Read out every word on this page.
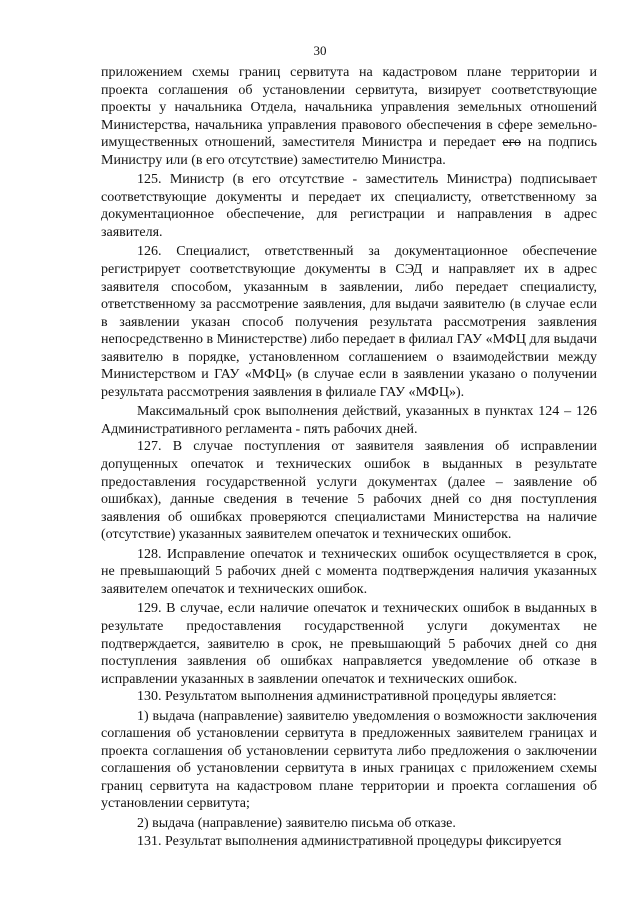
30

приложением схемы границ сервитута на кадастровом плане территории и проекта соглашения об установлении сервитута, визирует соответствующие проекты у начальника Отдела, начальника управления земельных отношений Министерства, начальника управления правового обеспечения в сфере земельно-имущественных отношений, заместителя Министра и передает его на подпись Министру или (в его отсутствие) заместителю Министра.

125. Министр (в его отсутствие - заместитель Министра) подписывает соответствующие документы и передает их специалисту, ответственному за документационное обеспечение, для регистрации и направления в адрес заявителя.

126. Специалист, ответственный за документационное обеспечение регистрирует соответствующие документы в СЭД и направляет их в адрес заявителя способом, указанным в заявлении, либо передает специалисту, ответственному за рассмотрение заявления, для выдачи заявителю (в случае если в заявлении указан способ получения результата рассмотрения заявления непосредственно в Министерстве) либо передает в филиал ГАУ «МФЦ для выдачи заявителю в порядке, установленном соглашением о взаимодействии между Министерством и ГАУ «МФЦ» (в случае если в заявлении указано о получении результата рассмотрения заявления в филиале ГАУ «МФЦ»).

Максимальный срок выполнения действий, указанных в пунктах 124 – 126 Административного регламента - пять рабочих дней.

127. В случае поступления от заявителя заявления об исправлении допущенных опечаток и технических ошибок в выданных в результате предоставления государственной услуги документах (далее – заявление об ошибках), данные сведения в течение 5 рабочих дней со дня поступления заявления об ошибках проверяются специалистами Министерства на наличие (отсутствие) указанных заявителем опечаток и технических ошибок.

128. Исправление опечаток и технических ошибок осуществляется в срок, не превышающий 5 рабочих дней с момента подтверждения наличия указанных заявителем опечаток и технических ошибок.

129. В случае, если наличие опечаток и технических ошибок в выданных в результате предоставления государственной услуги документах не подтверждается, заявителю в срок, не превышающий 5 рабочих дней со дня поступления заявления об ошибках направляется уведомление об отказе в исправлении указанных в заявлении опечаток и технических ошибок.

130. Результатом выполнения административной процедуры является:

1) выдача (направление) заявителю уведомления о возможности заключения соглашения об установлении сервитута в предложенных заявителем границах и проекта соглашения об установлении сервитута либо предложения о заключении соглашения об установлении сервитута в иных границах с приложением схемы границ сервитута на кадастровом плане территории и проекта соглашения об установлении сервитута;

2) выдача (направление) заявителю письма об отказе.

131. Результат выполнения административной процедуры фиксируется
